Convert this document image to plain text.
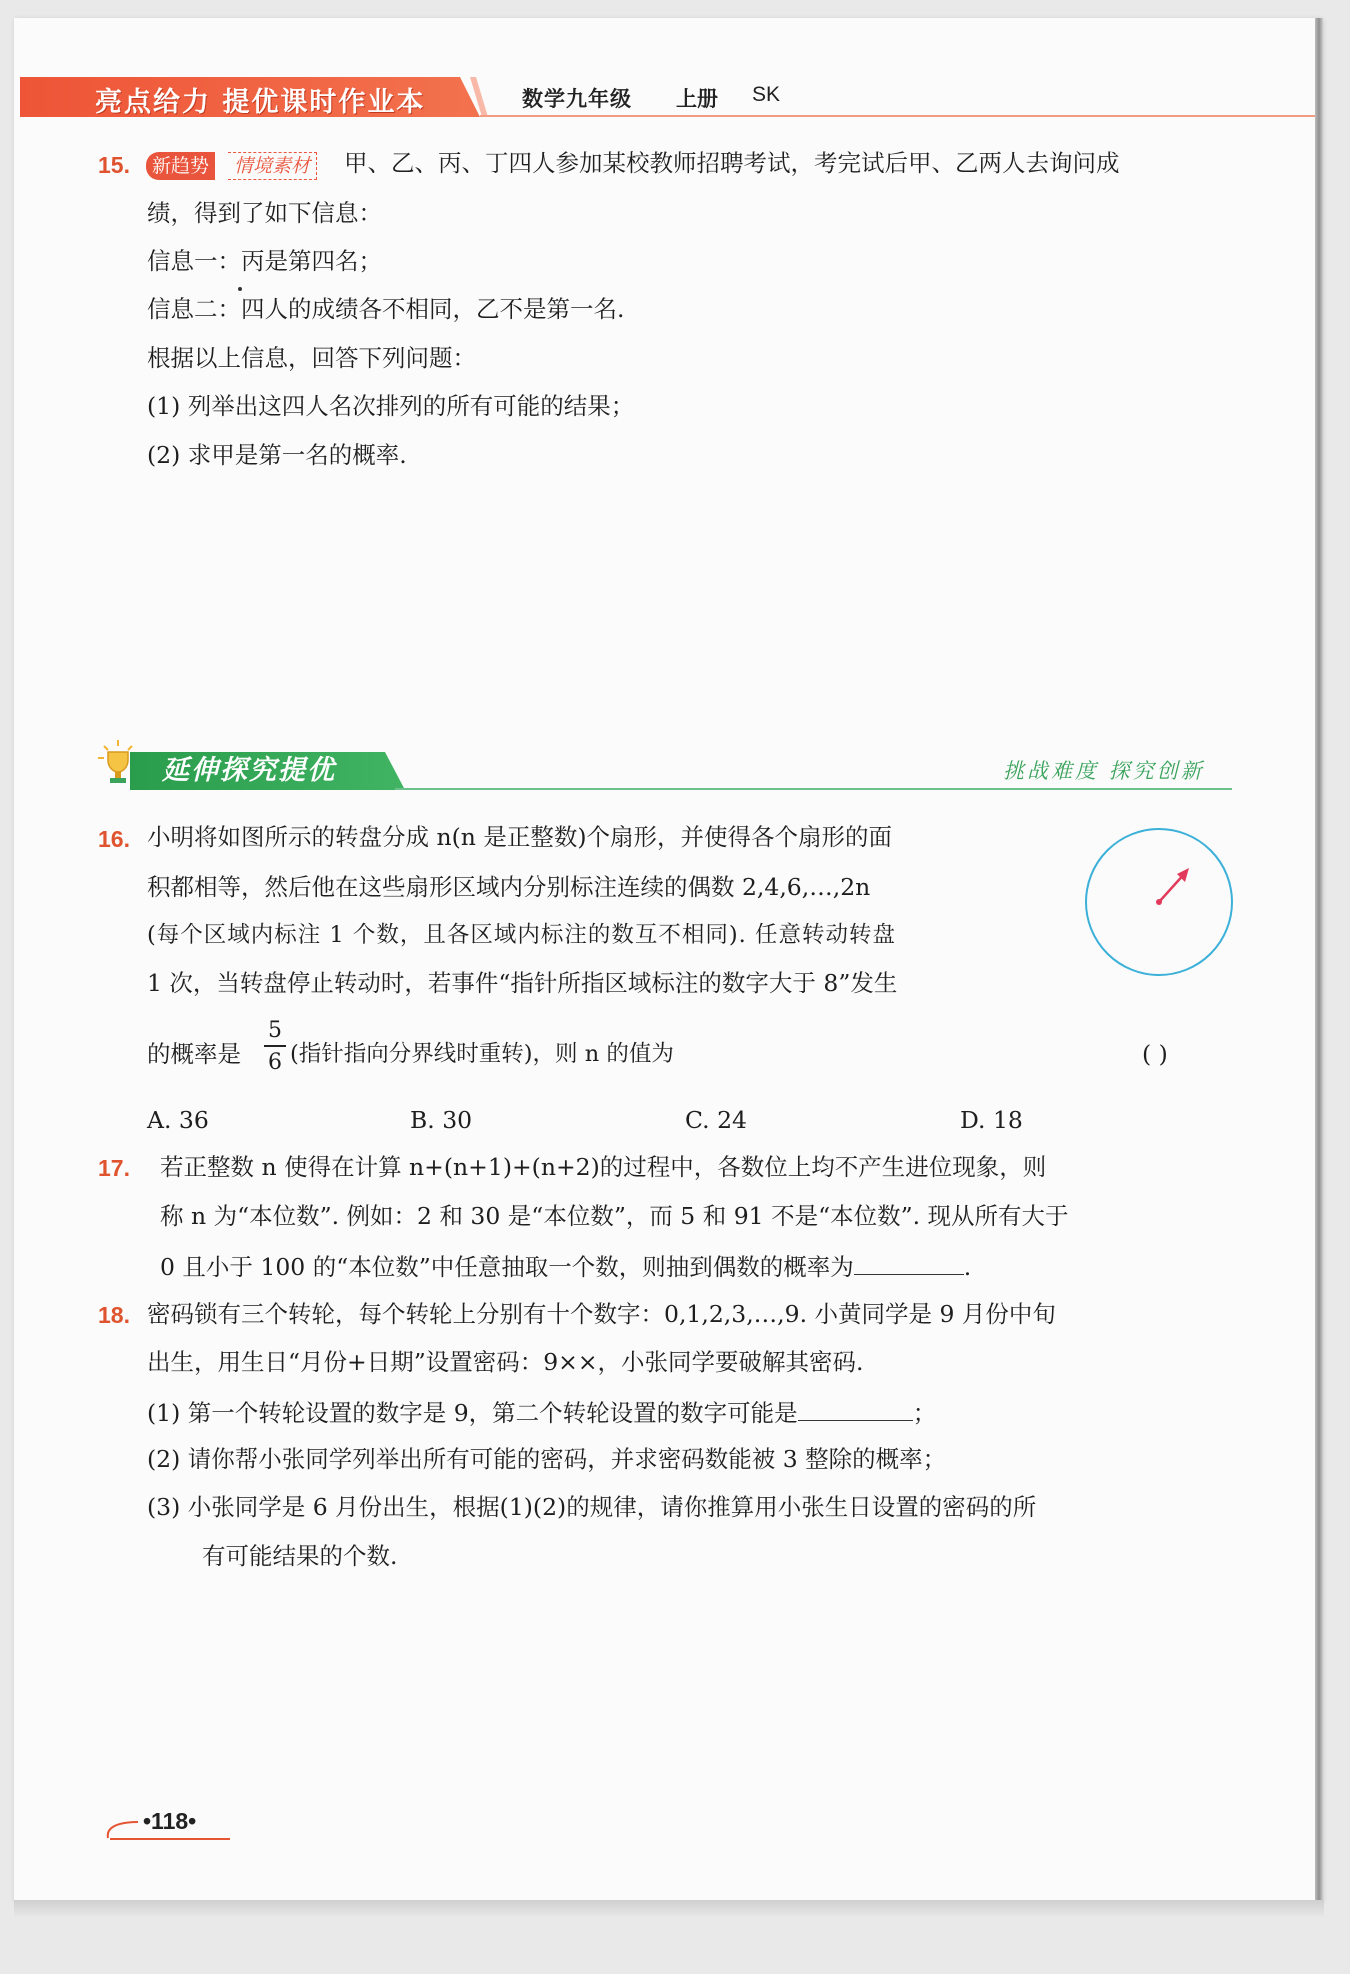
亮点给力 提优课时作业本	数学九年级 上册 SK
15.	新趋势	情境素材 甲、乙、丙、丁四人参加某校教师招聘考试，考完试后甲、乙两人去询问成
绩，得到了如下信息：
信息一：丙是第四名；
信息二：四人的成绩各不相同，乙不是第一名.
根据以上信息，回答下列问题：
(1) 列举出这四人名次排列的所有可能的结果；
(2) 求甲是第一名的概率.
延伸探究提优	挑战难度 探究创新
16. 小明将如图所示的转盘分成 n(n 是正整数)个扇形，并使得各个扇形的面
积都相等，然后他在这些扇形区域内分别标注连续的偶数 2,4,6,…,2n
(每个区域内标注 1 个数，且各区域内标注的数互不相同). 任意转动转盘
1 次，当转盘停止转动时，若事件“指针所指区域标注的数字大于 8”发生
的概率是
5
6 (指针指向分界线时重转)，则 n 的值为	( )
A. 36	B. 30	C. 24	D. 18
17. 若正整数 n 使得在计算 n+(n+1)+(n+2)的过程中，各数位上均不产生进位现象，则
称 n 为“本位数”. 例如：2 和 30 是“本位数”，而 5 和 91 不是“本位数”. 现从所有大于
0 且小于 100 的“本位数”中任意抽取一个数，则抽到偶数的概率为	.
18. 密码锁有三个转轮，每个转轮上分别有十个数字：0,1,2,3,…,9. 小黄同学是 9 月份中旬
出生，用生日“月份+日期”设置密码：9××，小张同学要破解其密码.
(1) 第一个转轮设置的数字是 9，第二个转轮设置的数字可能是	；
(2) 请你帮小张同学列举出所有可能的密码，并求密码数能被 3 整除的概率；
(3) 小张同学是 6 月份出生，根据(1)(2)的规律，请你推算用小张生日设置的密码的所
有可能结果的个数.
•118•
